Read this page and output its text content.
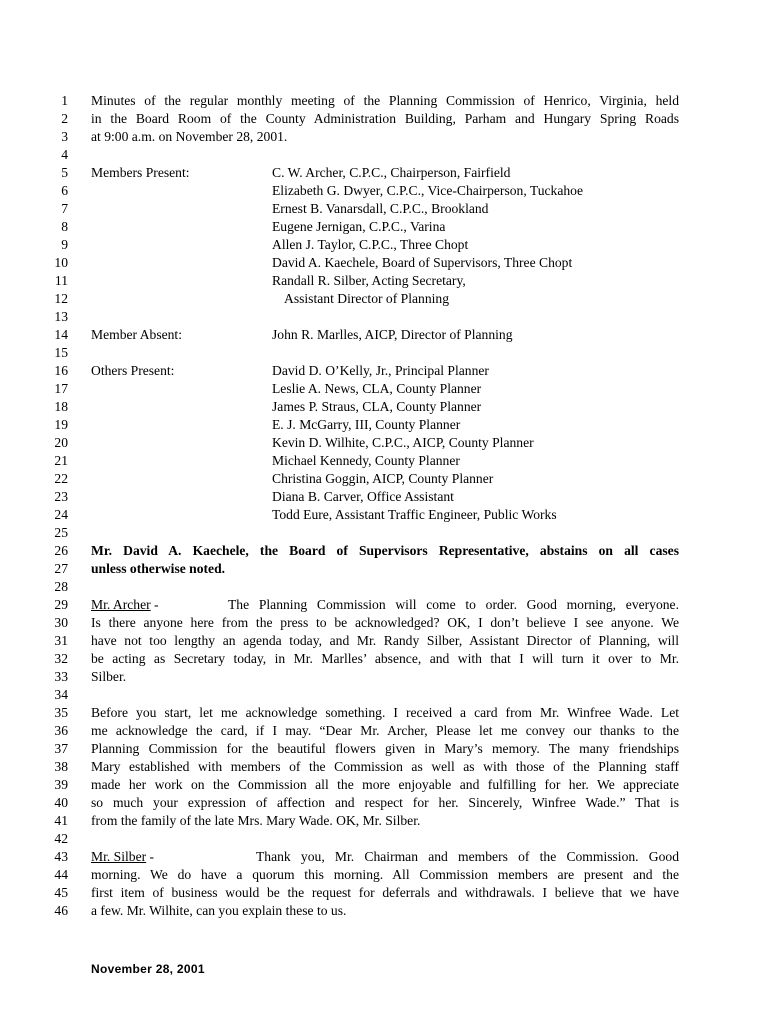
1
2
3
4
5
6
7
8
9
10
11
12
13
14
15
16
17
18
19
20
21
22
23
24
25
26
27
28
29
30
31
32
33
34
35
36
37
38
39
40
41
42
43
44
45
46
Minutes of the regular monthly meeting of the Planning Commission of Henrico, Virginia, held
in the Board Room of the County Administration Building, Parham and Hungary Spring Roads
at 9:00 a.m. on November 28, 2001.
Members Present:	C. W. Archer, C.P.C., Chairperson, Fairfield
Elizabeth G. Dwyer, C.P.C., Vice-Chairperson, Tuckahoe
Ernest B. Vanarsdall, C.P.C., Brookland
Eugene Jernigan, C.P.C., Varina
Allen J. Taylor, C.P.C., Three Chopt
David A. Kaechele, Board of Supervisors, Three Chopt
Randall R. Silber, Acting Secretary,
Assistant Director of Planning
Member Absent:	John R. Marlles, AICP, Director of Planning
Others Present:	David D. O’Kelly, Jr., Principal Planner
Leslie A. News, CLA, County Planner
James P. Straus, CLA, County Planner
E. J. McGarry, III, County Planner
Kevin D. Wilhite, C.P.C., AICP, County Planner
Michael Kennedy, County Planner
Christina Goggin, AICP, County Planner
Diana B. Carver, Office Assistant
Todd Eure, Assistant Traffic Engineer, Public Works
Mr. David A. Kaechele, the Board of Supervisors Representative, abstains on all cases
unless otherwise noted.
Mr. Archer -	The Planning Commission will come to order. Good morning, everyone.
Is there anyone here from the press to be acknowledged? OK, I don’t believe I see anyone. We
have not too lengthy an agenda today, and Mr. Randy Silber, Assistant Director of Planning, will
be acting as Secretary today, in Mr. Marlles’ absence, and with that I will turn it over to Mr.
Silber.
Before you start, let me acknowledge something. I received a card from Mr. Winfree Wade. Let
me acknowledge the card, if I may. “Dear Mr. Archer, Please let me convey our thanks to the
Planning Commission for the beautiful flowers given in Mary’s memory. The many friendships
Mary established with members of the Commission as well as with those of the Planning staff
made her work on the Commission all the more enjoyable and fulfilling for her. We appreciate
so much your expression of affection and respect for her. Sincerely, Winfree Wade.” That is
from the family of the late Mrs. Mary Wade. OK, Mr. Silber.
Mr. Silber -	Thank you, Mr. Chairman and members of the Commission. Good
morning. We do have a quorum this morning. All Commission members are present and the
first item of business would be the request for deferrals and withdrawals. I believe that we have
a few. Mr. Wilhite, can you explain these to us.
November 28, 2001
